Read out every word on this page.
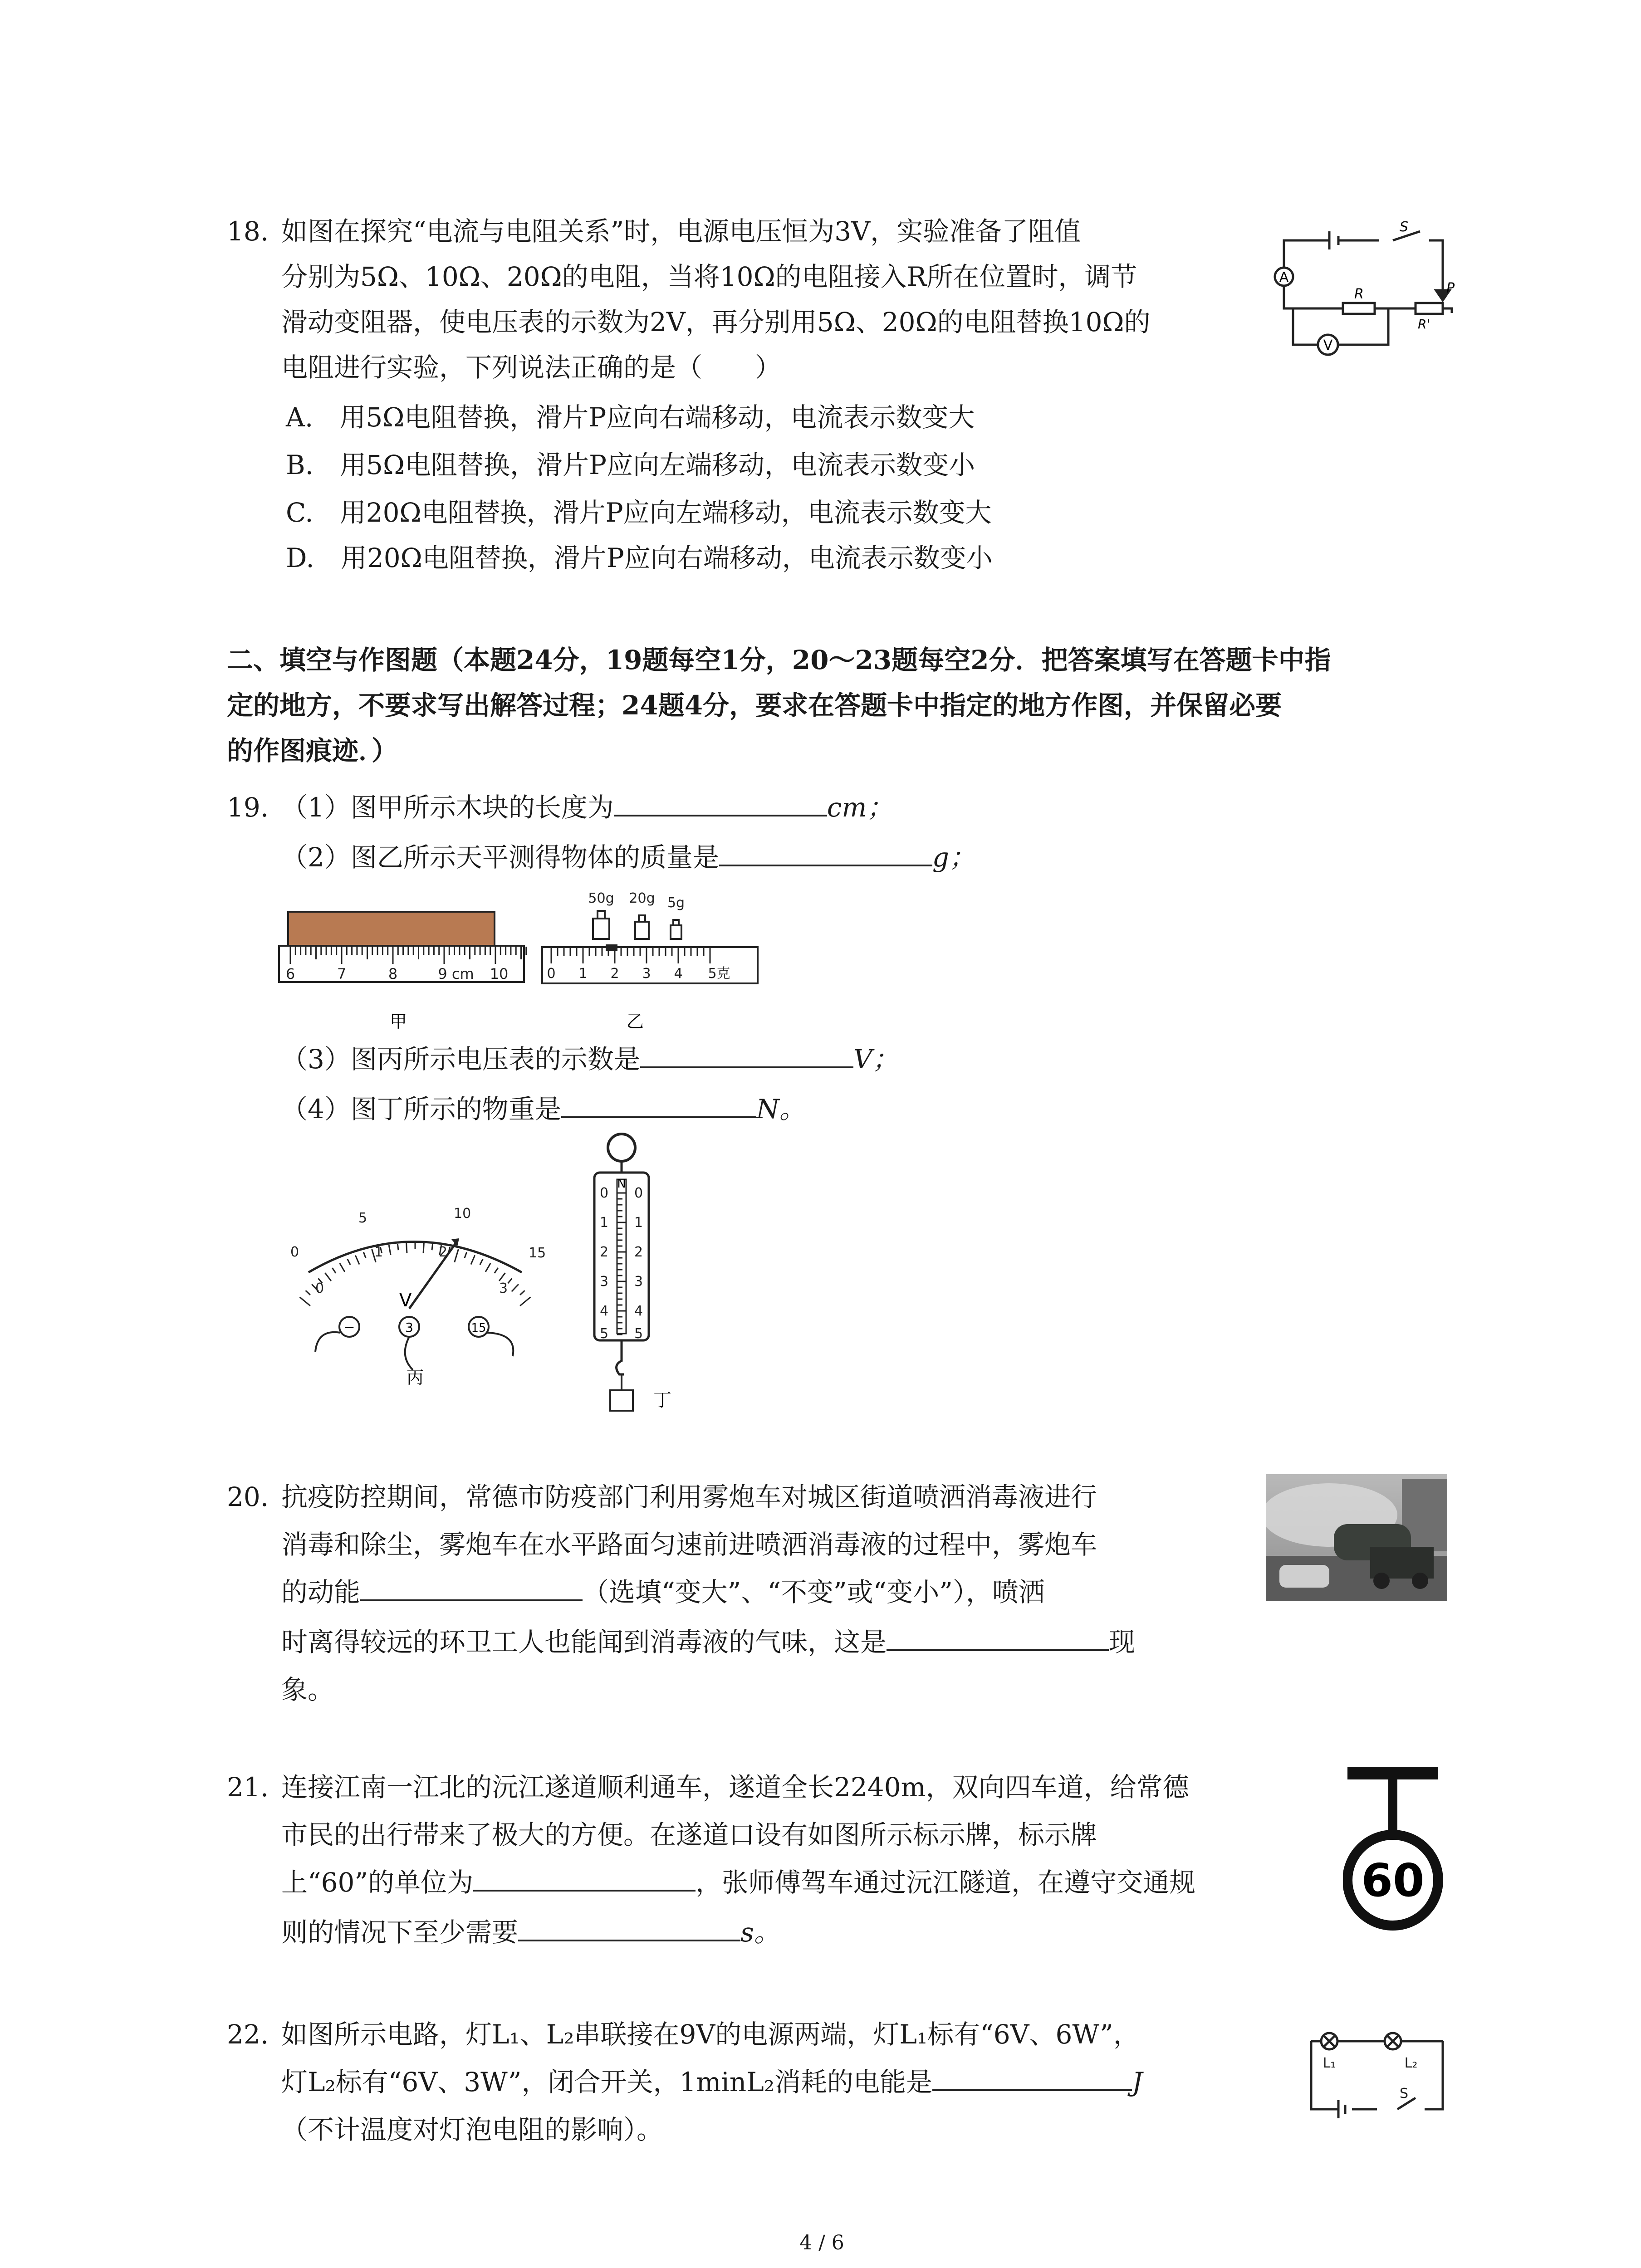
18. 如图在探究“电流与电阻关系”时，电源电压恒为3V，实验准备了阻值
分别为5Ω、10Ω、20Ω的电阻，当将10Ω的电阻接入R所在位置时，调节
滑动变阻器，使电压表的示数为2V，再分别用5Ω、20Ω的电阻替换10Ω的
电阻进行实验，下列说法正确的是（　　）
A.　用5Ω电阻替换，滑片P应向右端移动，电流表示数变大
B.　用5Ω电阻替换，滑片P应向左端移动，电流表示数变小
C.　用20Ω电阻替换，滑片P应向左端移动，电流表示数变大
D.　用20Ω电阻替换，滑片P应向右端移动，电流表示数变小
A
V
S
R	P
R'
二、填空与作图题（本题24分，19题每空1分，20～23题每空2分．把答案填写在答题卡中指
定的地方，不要求写出解答过程；24题4分，要求在答题卡中指定的地方作图，并保留必要
的作图痕迹．）
19. （1）图甲所示木块的长度为	cm；
（2）图乙所示天平测得物体的质量是	g；
6	7	8	9 cm 10
甲
50g 20g 5g
0 1 2 3 4 5克
乙
（3）图丙所示电压表的示数是	V；
（4）图丁所示的物重是	N。
0
5	10
15
0
1	2
3
V
−	3	15
丙
N
0
1
2
3
4
5
0
1
2
3
4
5
丁
20. 抗疫防控期间，常德市防疫部门利用雾炮车对城区街道喷洒消毒液进行
消毒和除尘，雾炮车在水平路面匀速前进喷洒消毒液的过程中，雾炮车
的动能	（选填“变大”、“不变”或“变小”），喷洒
时离得较远的环卫工人也能闻到消毒液的气味，这是	现
象。
21. 连接江南一江北的沅江遂道顺利通车，遂道全长2240m，双向四车道，给常德
市民的出行带来了极大的方便。在遂道口设有如图所示标示牌，标示牌
上“60”的单位为	，张师傅驾车通过沅江隧道，在遵守交通规
则的情况下至少需要	s。
60
22. 如图所示电路，灯L₁、L₂串联接在9V的电源两端，灯L₁标有“6V、6W”，
灯L₂标有“6V、3W”，闭合开关，1minL₂消耗的电能是	J
（不计温度对灯泡电阻的影响）。
L₁	L₂
S
4 / 6
